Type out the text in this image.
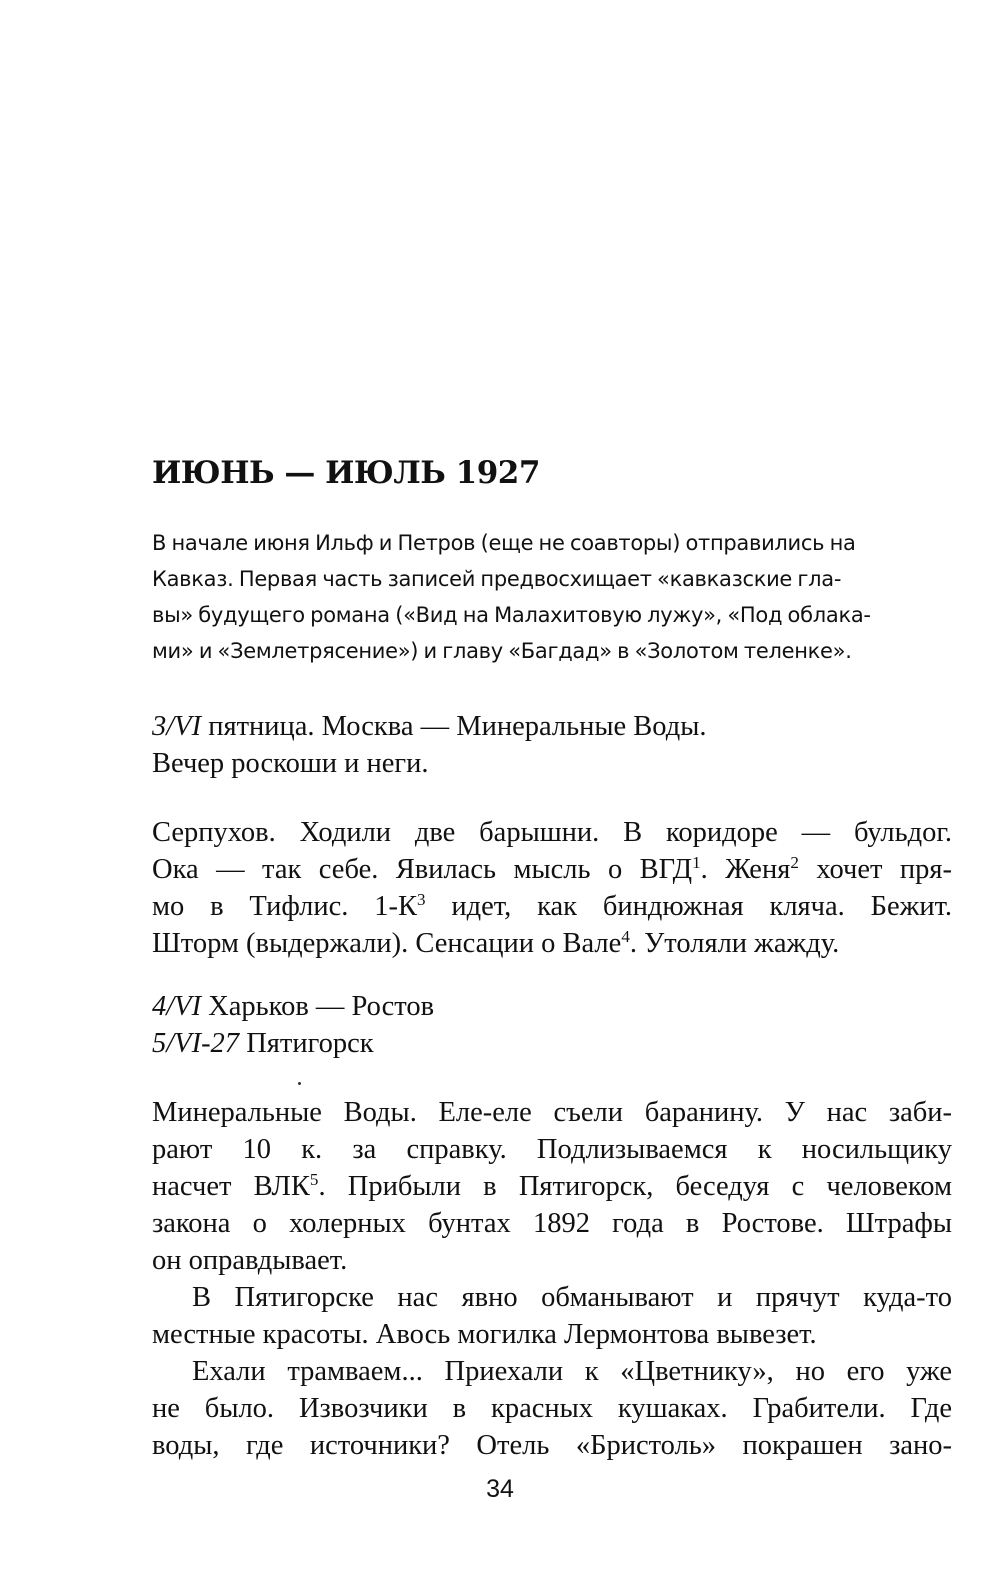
ИЮНЬ — ИЮЛЬ 1927
В начале июня Ильф и Петров (еще не соавторы) отправились на
Кавказ. Первая часть записей предвосхищает «кавказские гла-
вы» будущего романа («Вид на Малахитовую лужу», «Под облака-
ми» и «Землетрясение») и главу «Багдад» в «Золотом теленке».
3/VI пятница. Москва — Минеральные Воды.
Вечер роскоши и неги.
Серпухов. Ходили две барышни. В коридоре — бульдог.
Ока — так себе. Явилась мысль о ВГД$^1$. Женя$^2$ хочет пря-
мо в Тифлис. $1-К^3$ идет, как биндюжная кляча. Бежит.
Шторм (выдержали). Сенсации о Вале$^4$. Утоляли жажду.
4/VI Харьков — Ростов
5/VI-27 Пятигорск
Минеральные Воды. Еле-еле съели баранину. У нас заби-
рают 10 к. за справку. Подлизываемся к носильщику
насчет ВЛК$^5$. Прибыли в Пятигорск, беседуя с человеком
закона о холерных бунтах 1892 года в Ростове. Штрафы
он оправдывает.
В Пятигорске нас явно обманывают и прячут куда-то
местные красоты. Авось могилка Лермонтова вывезет.
Ехали трамваем... Приехали к «Цветнику», но его уже
не было. Извозчики в красных кушаках. Грабители. Где
воды, где источники? Отель «Бристоль» покрашен зано-
34
